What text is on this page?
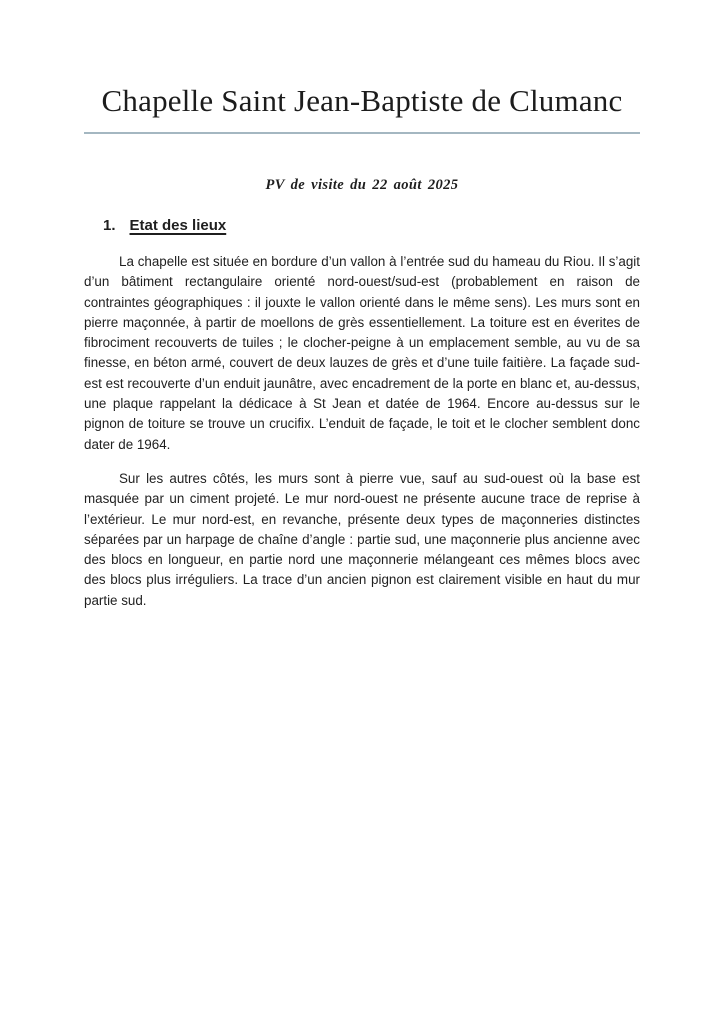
Chapelle Saint Jean-Baptiste de Clumanc

PV de visite du 22 août 2025

1. Etat des lieux

La chapelle est située en bordure d’un vallon à l’entrée sud du hameau du Riou. Il s’agit d’un bâtiment rectangulaire orienté nord-ouest/sud-est (probablement en raison de contraintes géographiques : il jouxte le vallon orienté dans le même sens). Les murs sont en pierre maçonnée, à partir de moellons de grès essentiellement. La toiture est en éverites de fibrociment recouverts de tuiles ; le clocher-peigne à un emplacement semble, au vu de sa finesse, en béton armé, couvert de deux lauzes de grès et d’une tuile faitière. La façade sud-est est recouverte d’un enduit jaunâtre, avec encadrement de la porte en blanc et, au-dessus, une plaque rappelant la dédicace à St Jean et datée de 1964. Encore au-dessus sur le pignon de toiture se trouve un crucifix. L’enduit de façade, le toit et le clocher semblent donc dater de 1964.

Sur les autres côtés, les murs sont à pierre vue, sauf au sud-ouest où la base est masquée par un ciment projeté. Le mur nord-ouest ne présente aucune trace de reprise à l’extérieur. Le mur nord-est, en revanche, présente deux types de maçonneries distinctes séparées par un harpage de chaîne d’angle : partie sud, une maçonnerie plus ancienne avec des blocs en longueur, en partie nord une maçonnerie mélangeant ces mêmes blocs avec des blocs plus irréguliers. La trace d’un ancien pignon est clairement visible en haut du mur partie sud.
